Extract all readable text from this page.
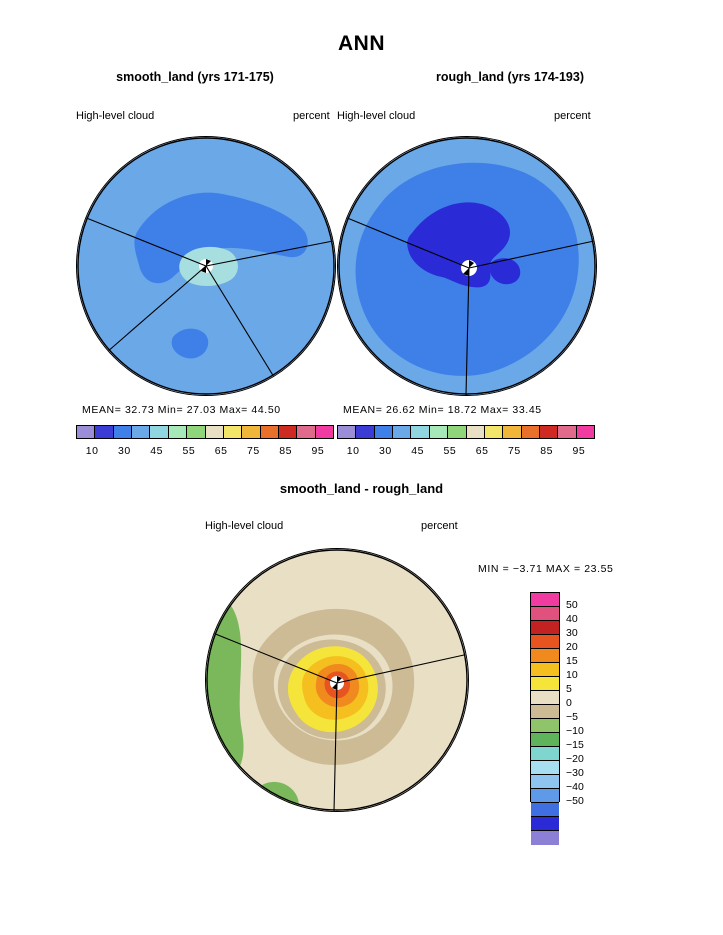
ANN
smooth_land (yrs 171-175)
High-level cloud	percent
MEAN= 32.73 Min= 27.03 Max= 44.50
10	30	45	55	65	75	85	95
rough_land (yrs 174-193)
High-level cloud	percent
MEAN= 26.62 Min= 18.72 Max= 33.45
10	30	45	55	65	75	85	95
smooth_land - rough_land
High-level cloud	percent
MIN = −3.71 MAX = 23.55
50
40
30
20
15
10
5
0
−5
−10
−15
−20
−30
−40
−50
